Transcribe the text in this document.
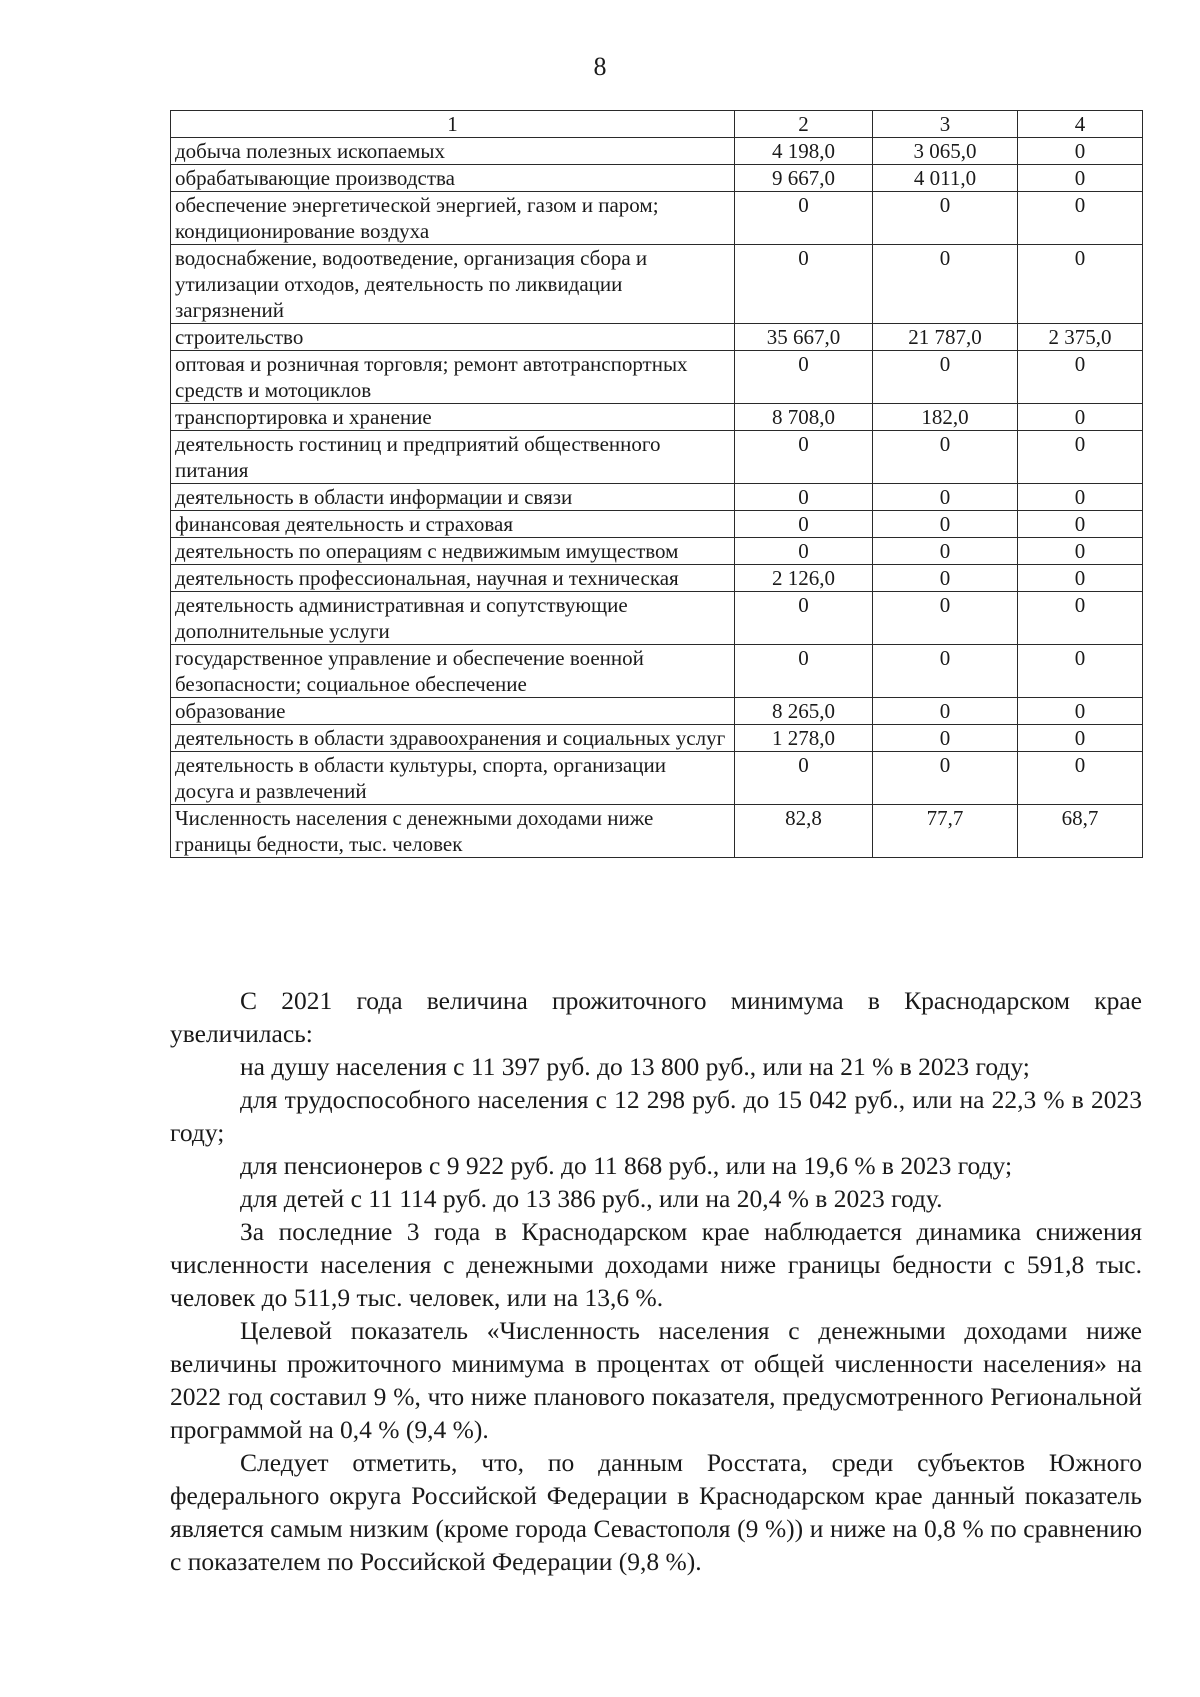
8
1	2	3	4
добыча полезных ископаемых	4 198,0	3 065,0	0
обрабатывающие производства	9 667,0	4 011,0	0
обеспечение энергетической энергией, газом и паром; кондиционирование воздуха	0	0	0
водоснабжение, водоотведение, организация сбора и утилизации отходов, деятельность по ликвидации загрязнений	0	0	0
строительство	35 667,0	21 787,0	2 375,0
оптовая и розничная торговля; ремонт автотранспортных средств и мотоциклов	0	0	0
транспортировка и хранение	8 708,0	182,0	0
деятельность гостиниц и предприятий общественного питания	0	0	0
деятельность в области информации и связи	0	0	0
финансовая деятельность и страховая	0	0	0
деятельность по операциям с недвижимым имуществом	0	0	0
деятельность профессиональная, научная и техническая	2 126,0	0	0
деятельность административная и сопутствующие дополнительные услуги	0	0	0
государственное управление и обеспечение военной безопасности; социальное обеспечение	0	0	0
образование	8 265,0	0	0
деятельность в области здравоохранения и социальных услуг	1 278,0	0	0
деятельность в области культуры, спорта, организации досуга и развлечений	0	0	0
Численность населения с денежными доходами ниже границы бедности, тыс. человек	82,8	77,7	68,7

С 2021 года величина прожиточного минимума в Краснодарском крае увеличилась:

на душу населения с 11 397 руб. до 13 800 руб., или на 21 % в 2023 году;

для трудоспособного населения с 12 298 руб. до 15 042 руб., или на 22,3 % в 2023 году;

для пенсионеров с 9 922 руб. до 11 868 руб., или на 19,6 % в 2023 году;

для детей с 11 114 руб. до 13 386 руб., или на 20,4 % в 2023 году.

За последние 3 года в Краснодарском крае наблюдается динамика снижения численности населения с денежными доходами ниже границы бедности с 591,8 тыс. человек до 511,9 тыс. человек, или на 13,6 %.

Целевой показатель «Численность населения с денежными доходами ниже величины прожиточного минимума в процентах от общей численности населения» на 2022 год составил 9 %, что ниже планового показателя, предусмотренного Региональной программой на 0,4 % (9,4 %).

Следует отметить, что, по данным Росстата, среди субъектов Южного федерального округа Российской Федерации в Краснодарском крае данный показатель является самым низким (кроме города Севастополя (9 %)) и ниже на 0,8 % по сравнению с показателем по Российской Федерации (9,8 %).
